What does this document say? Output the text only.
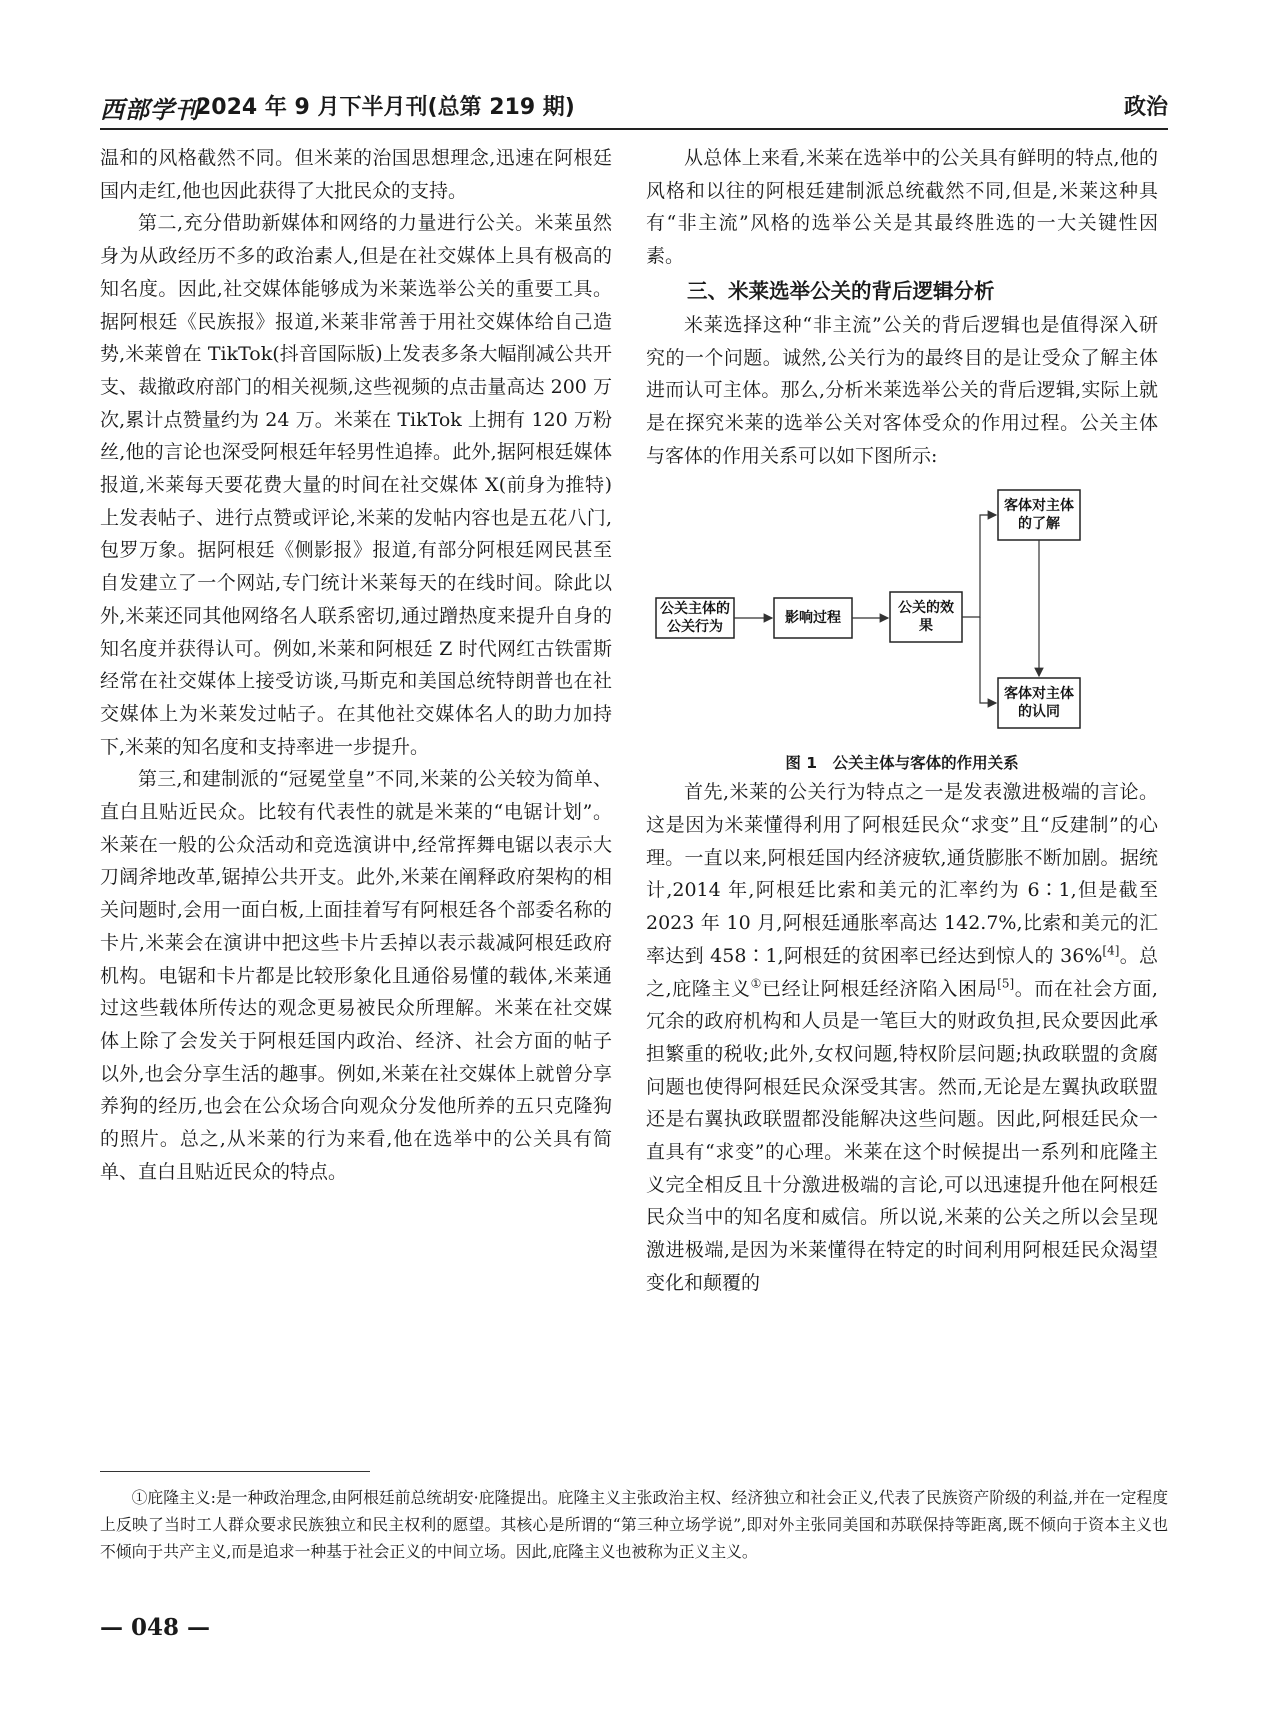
西部学刊
2024 年 9 月下半月刊(总第 219 期)	政治

温和的风格截然不同。但米莱的治国思想理念,迅速在阿根廷国内走红,他也因此获得了大批民众的支持。

第二,充分借助新媒体和网络的力量进行公关。米莱虽然身为从政经历不多的政治素人,但是在社交媒体上具有极高的知名度。因此,社交媒体能够成为米莱选举公关的重要工具。据阿根廷《民族报》报道,米莱非常善于用社交媒体给自己造势,米莱曾在 TikTok(抖音国际版)上发表多条大幅削减公共开支、裁撤政府部门的相关视频,这些视频的点击量高达 200 万次,累计点赞量约为 24 万。米莱在 TikTok 上拥有 120 万粉丝,他的言论也深受阿根廷年轻男性追捧。此外,据阿根廷媒体报道,米莱每天要花费大量的时间在社交媒体 X(前身为推特)上发表帖子、进行点赞或评论,米莱的发帖内容也是五花八门,包罗万象。据阿根廷《侧影报》报道,有部分阿根廷网民甚至自发建立了一个网站,专门统计米莱每天的在线时间。除此以外,米莱还同其他网络名人联系密切,通过蹭热度来提升自身的知名度并获得认可。例如,米莱和阿根廷 Z 时代网红古铁雷斯经常在社交媒体上接受访谈,马斯克和美国总统特朗普也在社交媒体上为米莱发过帖子。在其他社交媒体名人的助力加持下,米莱的知名度和支持率进一步提升。

第三,和建制派的“冠冕堂皇”不同,米莱的公关较为简单、直白且贴近民众。比较有代表性的就是米莱的“电锯计划”。米莱在一般的公众活动和竞选演讲中,经常挥舞电锯以表示大刀阔斧地改革,锯掉公共开支。此外,米莱在阐释政府架构的相关问题时,会用一面白板,上面挂着写有阿根廷各个部委名称的卡片,米莱会在演讲中把这些卡片丢掉以表示裁减阿根廷政府机构。电锯和卡片都是比较形象化且通俗易懂的载体,米莱通过这些载体所传达的观念更易被民众所理解。米莱在社交媒体上除了会发关于阿根廷国内政治、经济、社会方面的帖子以外,也会分享生活的趣事。例如,米莱在社交媒体上就曾分享养狗的经历,也会在公众场合向观众分发他所养的五只克隆狗的照片。总之,从米莱的行为来看,他在选举中的公关具有简单、直白且贴近民众的特点。

从总体上来看,米莱在选举中的公关具有鲜明的特点,他的风格和以往的阿根廷建制派总统截然不同,但是,米莱这种具有“非主流”风格的选举公关是其最终胜选的一大关键性因素。

三、米莱选举公关的背后逻辑分析

米莱选择这种“非主流”公关的背后逻辑也是值得深入研究的一个问题。诚然,公关行为的最终目的是让受众了解主体进而认可主体。那么,分析米莱选举公关的背后逻辑,实际上就是在探究米莱的选举公关对客体受众的作用过程。公关主体与客体的作用关系可以如下图所示:

公关主体的
公关行为
影响过程
公关的效
果
客体对主体
的了解
客体对主体
的认同

图 1　公关主体与客体的作用关系

首先,米莱的公关行为特点之一是发表激进极端的言论。这是因为米莱懂得利用了阿根廷民众“求变”且“反建制”的心理。一直以来,阿根廷国内经济疲软,通货膨胀不断加剧。据统计,2014 年,阿根廷比索和美元的汇率约为 6∶1,但是截至 2023 年 10 月,阿根廷通胀率高达 142.7%,比索和美元的汇率达到 458∶1,阿根廷的贫困率已经达到惊人的 36%[4]。总之,庇隆主义①已经让阿根廷经济陷入困局[5]。而在社会方面,冗余的政府机构和人员是一笔巨大的财政负担,民众要因此承担繁重的税收;此外,女权问题,特权阶层问题;执政联盟的贪腐问题也使得阿根廷民众深受其害。然而,无论是左翼执政联盟还是右翼执政联盟都没能解决这些问题。因此,阿根廷民众一直具有“求变”的心理。米莱在这个时候提出一系列和庇隆主义完全相反且十分激进极端的言论,可以迅速提升他在阿根廷民众当中的知名度和威信。所以说,米莱的公关之所以会呈现激进极端,是因为米莱懂得在特定的时间利用阿根廷民众渴望变化和颠覆的

①庇隆主义:是一种政治理念,由阿根廷前总统胡安·庇隆提出。庇隆主义主张政治主权、经济独立和社会正义,代表了民族资产阶级的利益,并在一定程度上反映了当时工人群众要求民族独立和民主权利的愿望。其核心是所谓的“第三种立场学说”,即对外主张同美国和苏联保持等距离,既不倾向于资本主义也不倾向于共产主义,而是追求一种基于社会正义的中间立场。因此,庇隆主义也被称为正义主义。

— 048 —
